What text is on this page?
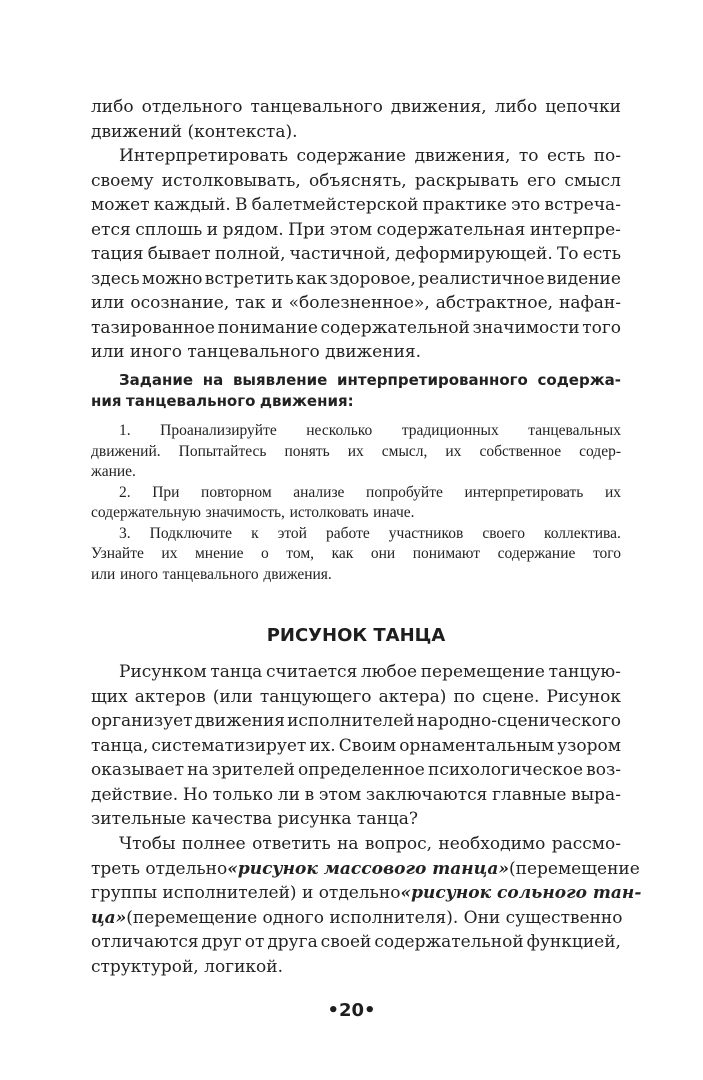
либо отдельного танцевального движения, либо цепочки
движений (контекста).
Интерпретировать содержание движения, то есть по-
своему истолковывать, объяснять, раскрывать его смысл
может каждый. В балетмейстерской практике это встреча-
ется сплошь и рядом. При этом содержательная интерпре-
тация бывает полной, частичной, деформирующей. То есть
здесь можно встретить как здоровое, реалистичное видение
или осознание, так и «болезненное», абстрактное, нафан-
тазированное понимание содержательной значимости того
или иного танцевального движения.
Задание на выявление интерпретированного содержа-
ния танцевального движения:
1. Проанализируйте несколько традиционных танцевальных
движений. Попытайтесь понять их смысл, их собственное содер-
жание.
2. При повторном анализе попробуйте интерпретировать их
содержательную значимость, истолковать иначе.
3. Подключите к этой работе участников своего коллектива.
Узнайте их мнение о том, как они понимают содержание того
или иного танцевального движения.
РИСУНОК ТАНЦА
Рисунком танца считается любое перемещение танцую-
щих актеров (или танцующего актера) по сцене. Рисунок
организует движения исполнителей народно-сценического
танца, систематизирует их. Своим орнаментальным узором
оказывает на зрителей определенное психологическое воз-
действие. Но только ли в этом заключаются главные выра-
зительные качества рисунка танца?
Чтобы полнее ответить на вопрос, необходимо рассмо-
треть отдельно «рисунок массового танца» (перемещение
группы исполнителей) и отдельно «рисунок сольного тан-
ца» (перемещение одного исполнителя). Они существенно
отличаются друг от друга своей содержательной функцией,
структурой, логикой.
•20•
